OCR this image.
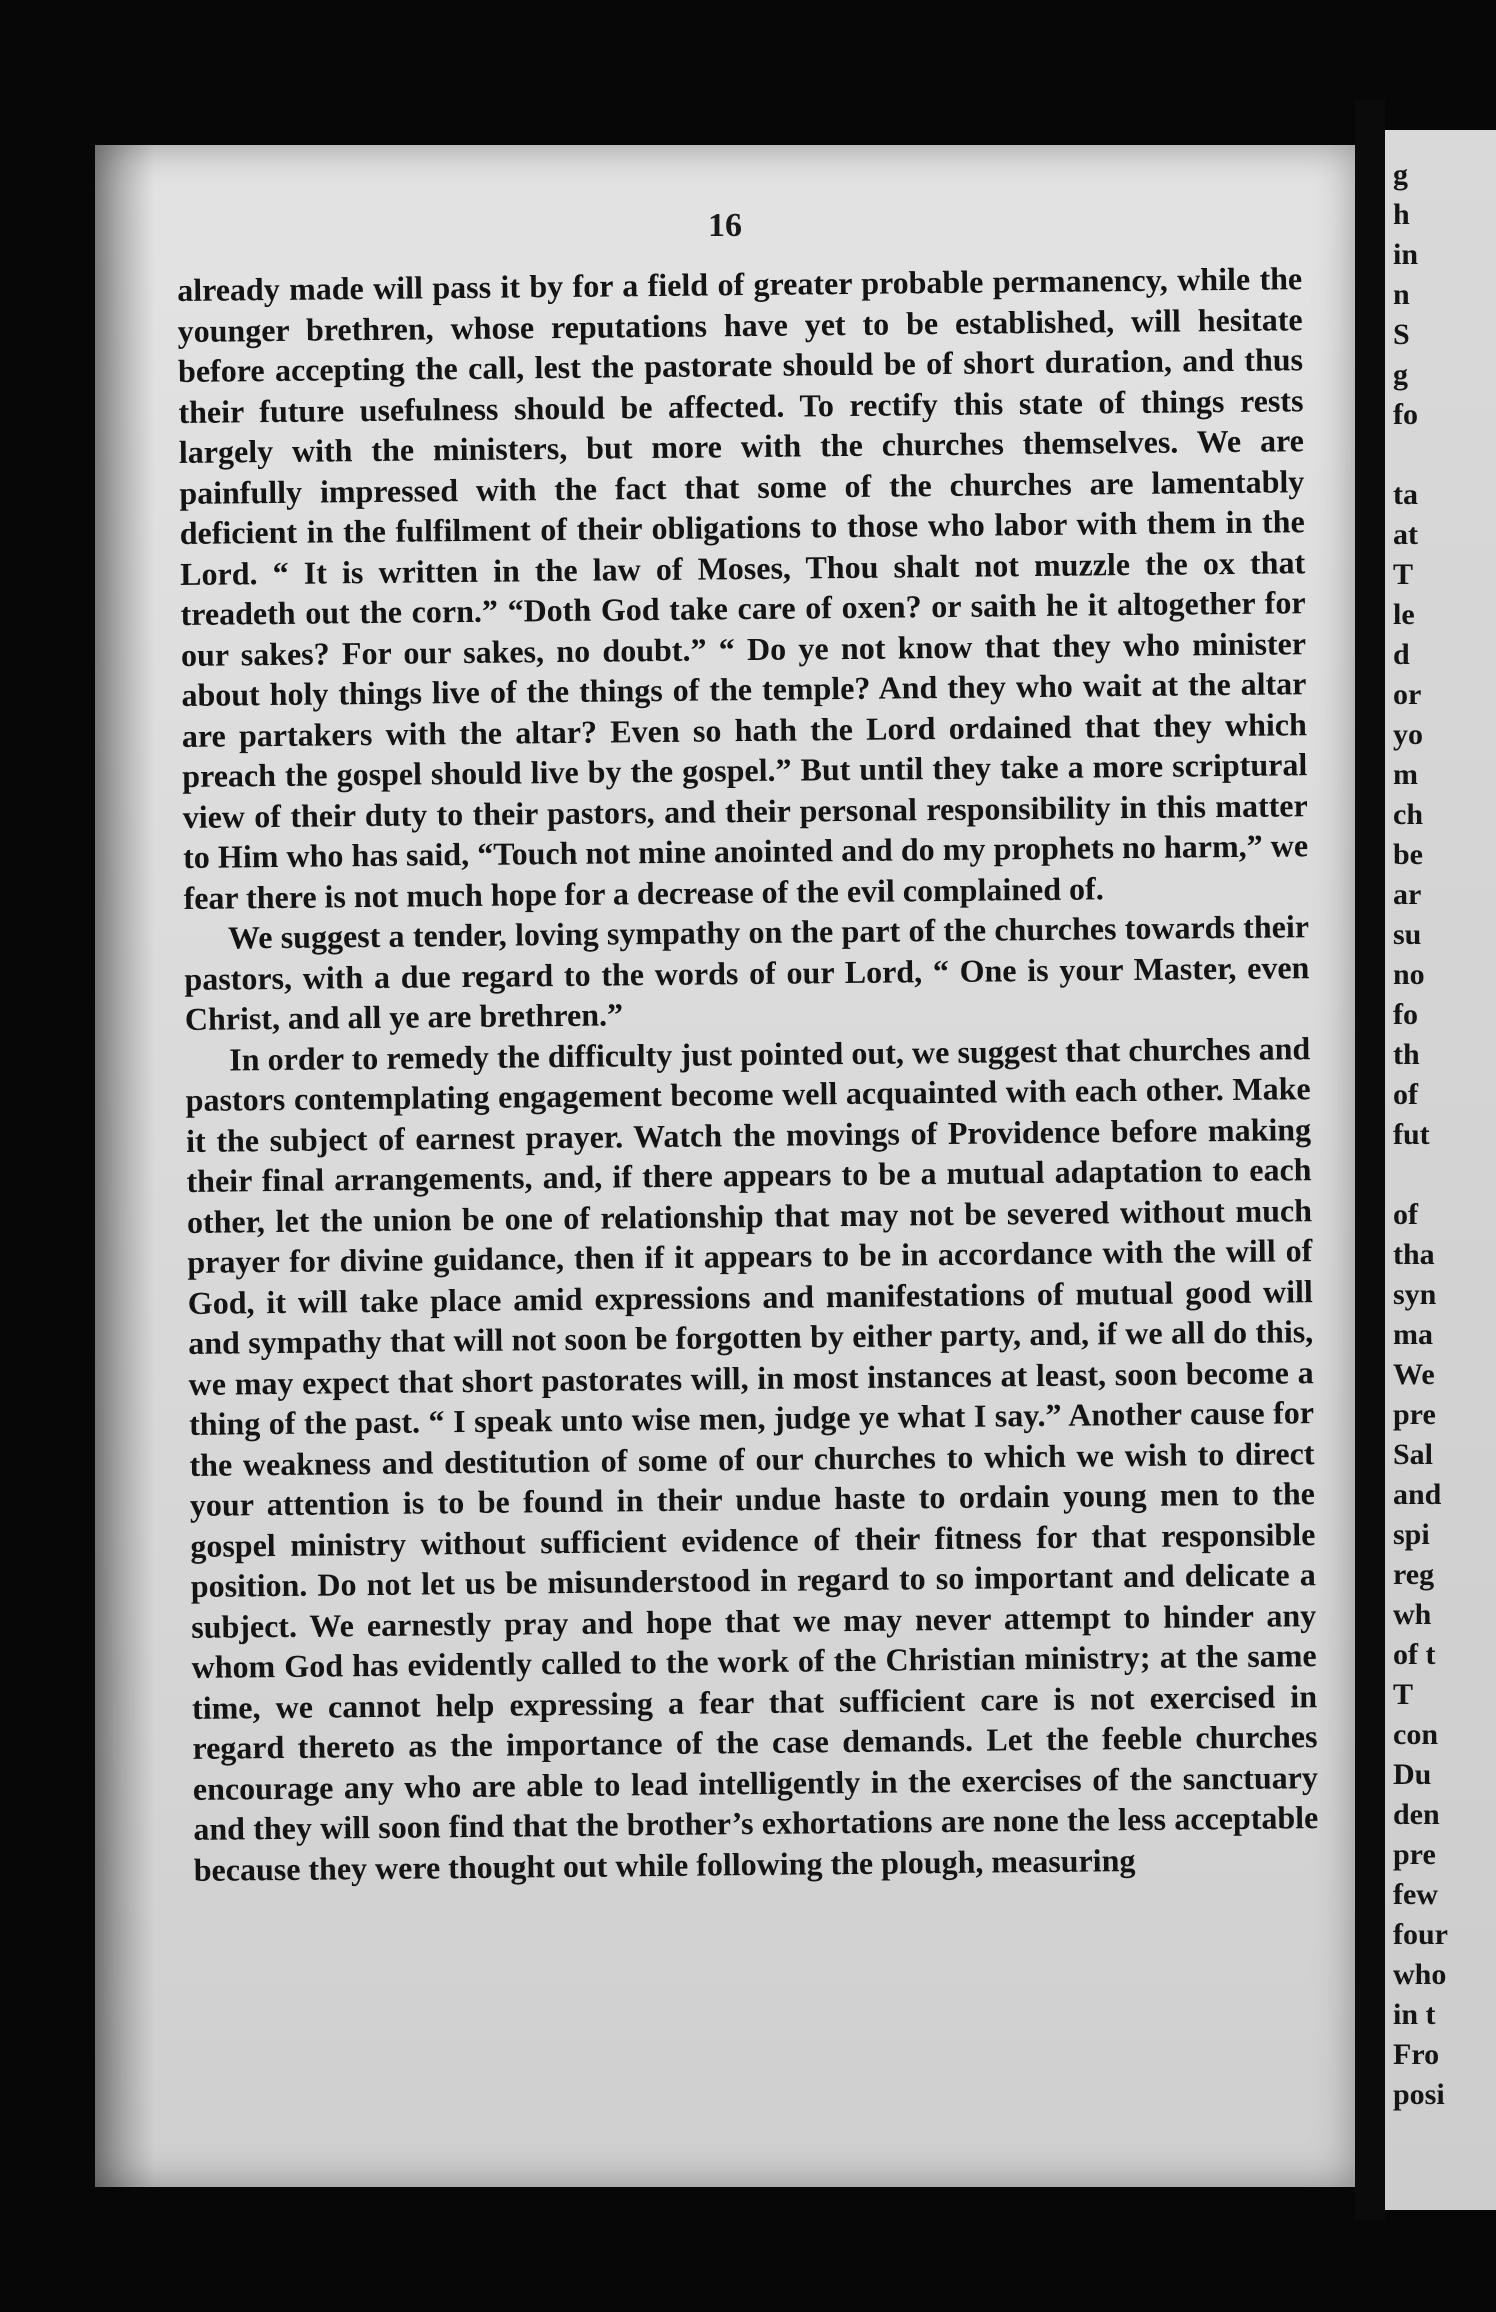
16

already made will pass it by for a field of greater probable permanency, while the younger brethren, whose reputations have yet to be established, will hesitate before accepting the call, lest the pastorate should be of short duration, and thus their future usefulness should be affected. To rectify this state of things rests largely with the ministers, but more with the churches themselves. We are painfully impressed with the fact that some of the churches are lamentably deficient in the fulfilment of their obligations to those who labor with them in the Lord. “ It is written in the law of Moses, Thou shalt not muzzle the ox that treadeth out the corn.” “Doth God take care of oxen? or saith he it altogether for our sakes? For our sakes, no doubt.” “ Do ye not know that they who minister about holy things live of the things of the temple? And they who wait at the altar are partakers with the altar? Even so hath the Lord ordained that they which preach the gospel should live by the gospel.” But until they take a more scriptural view of their duty to their pastors, and their personal responsibility in this matter to Him who has said, “Touch not mine anointed and do my prophets no harm,” we fear there is not much hope for a decrease of the evil complained of.

We suggest a tender, loving sympathy on the part of the churches towards their pastors, with a due regard to the words of our Lord, “ One is your Master, even Christ, and all ye are brethren.”

In order to remedy the difficulty just pointed out, we suggest that churches and pastors contemplating engagement become well acquainted with each other. Make it the subject of earnest prayer. Watch the movings of Providence before making their final arrangements, and, if there appears to be a mutual adaptation to each other, let the union be one of relationship that may not be severed without much prayer for divine guidance, then if it appears to be in accordance with the will of God, it will take place amid expressions and manifestations of mutual good will and sympathy that will not soon be forgotten by either party, and, if we all do this, we may expect that short pastorates will, in most instances at least, soon become a thing of the past. “ I speak unto wise men, judge ye what I say.” Another cause for the weakness and destitution of some of our churches to which we wish to direct your attention is to be found in their undue haste to ordain young men to the gospel ministry without sufficient evidence of their fitness for that responsible position. Do not let us be misunderstood in regard to so important and delicate a subject. We earnestly pray and hope that we may never attempt to hinder any whom God has evidently called to the work of the Christian ministry; at the same time, we cannot help expressing a fear that sufficient care is not exercised in regard thereto as the importance of the case demands. Let the feeble churches encourage any who are able to lead intelligently in the exercises of the sanctuary and they will soon find that the brother’s exhortations are none the less acceptable because they were thought out while following the plough, measuring

g
h
in
n
S
g
fo
ta
at
T
le
d
or
yo
m
ch
be
ar
su
no
fo
th
of
fut
of
tha
syn
ma
We
pre
Sal
and
spi
reg
wh
of t
T
con
Du
den
pre
few
four
who
in t
Fro
posi
